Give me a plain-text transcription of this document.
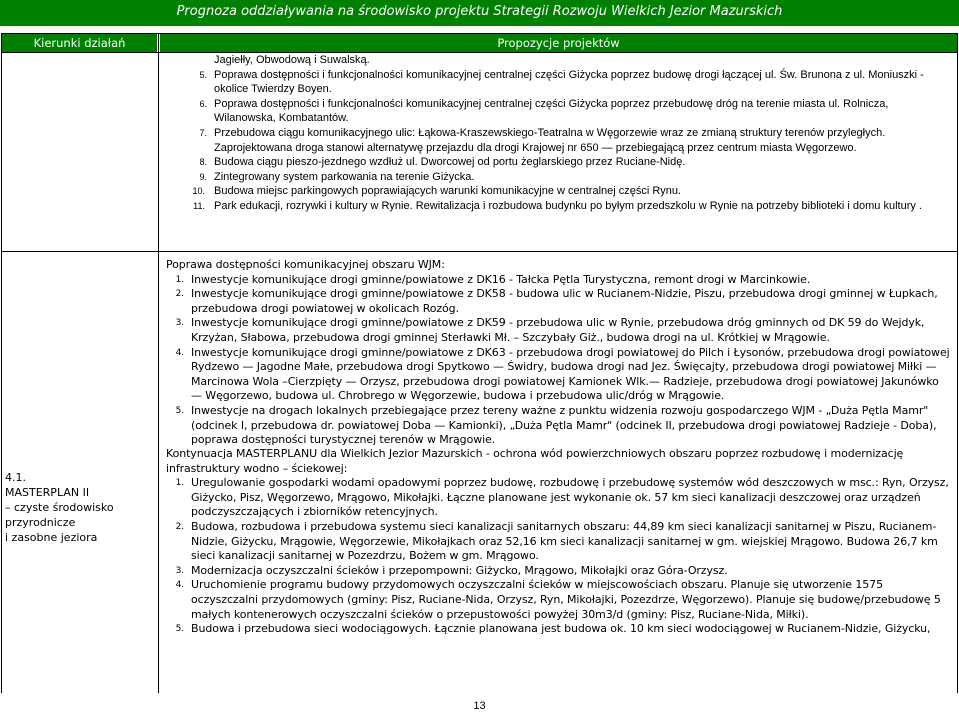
Prognoza oddziaływania na środowisko projektu Strategii Rozwoju Wielkich Jezior Mazurskich
Kierunki działań	Propozycje projektów

Jagiełły, Obwodową i Suwalską.

5. Poprawa dostępności i funkcjonalności komunikacyjnej centralnej części Giżycka poprzez budowę drogi łączącej ul. Św. Brunona z ul. Moniuszki - okolice Twierdzy Boyen.
6. Poprawa dostępności i funkcjonalności komunikacyjnej centralnej części Giżycka poprzez przebudowę dróg na terenie miasta ul. Rolnicza, Wilanowska, Kombatantów.
7. Przebudowa ciągu komunikacyjnego ulic: Łąkowa-Kraszewskiego-Teatralna w Węgorzewie wraz ze zmianą struktury terenów przyległych. Zaprojektowana droga stanowi alternatywę przejazdu dla drogi Krajowej nr 650 — przebiegającą przez centrum miasta Węgorzewo.
8. Budowa ciągu pieszo-jezdnego wzdłuż ul. Dworcowej od portu żeglarskiego przez Ruciane-Nidę.
9. Zintegrowany system parkowania na terenie Giżycka.
10. Budowa miejsc parkingowych poprawiających warunki komunikacyjne w centralnej części Rynu.
11. Park edukacji, rozrywki i kultury w Rynie. Rewitalizacja i rozbudowa budynku po byłym przedszkolu w Rynie na potrzeby biblioteki i domu kultury .

Poprawa dostępności komunikacyjnej obszaru WJM:

1. Inwestycje komunikujące drogi gminne/powiatowe z DK16 - Tałcka Pętla Turystyczna, remont drogi w Marcinkowie.
2. Inwestycje komunikujące drogi gminne/powiatowe z DK58 - budowa ulic w Rucianem-Nidzie, Piszu, przebudowa drogi gminnej w Łupkach, przebudowa drogi powiatowej w okolicach Rozóg.
3. Inwestycje komunikujące drogi gminne/powiatowe z DK59 - przebudowa ulic w Rynie, przebudowa dróg gminnych od DK 59 do Wejdyk, Krzyżan, Słabowa, przebudowa drogi gminnej Sterławki Mł. – Szczybały Giż., budowa drogi na ul. Krótkiej w Mrągowie.
4. Inwestycje komunikujące drogi gminne/powiatowe z DK63 - przebudowa drogi powiatowej do Pilch i Łysonów, przebudowa drogi powiatowej Rydzewo — Jagodne Małe, przebudowa drogi Spytkowo — Świdry, budowa drogi nad Jez. Święcajty, przebudowa drogi powiatowej Miłki — Marcinowa Wola –Cierzpięty — Orzysz, przebudowa drogi powiatowej Kamionek Wlk.— Radzieje, przebudowa drogi powiatowej Jakunówko — Węgorzewo, budowa ul. Chrobrego w Węgorzewie, budowa i przebudowa ulic/dróg w Mrągowie.
5. Inwestycje na drogach lokalnych przebiegające przez tereny ważne z punktu widzenia rozwoju gospodarczego WJM - „Duża Pętla Mamr" (odcinek I, przebudowa dr. powiatowej Doba — Kamionki), „Duża Pętla Mamr" (odcinek II, przebudowa drogi powiatowej Radzieje - Doba), poprawa dostępności turystycznej terenów w Mrągowie.

Kontynuacja MASTERPLANU dla Wielkich Jezior Mazurskich - ochrona wód powierzchniowych obszaru poprzez rozbudowę i modernizację infrastruktury wodno – ściekowej:

1. Uregulowanie gospodarki wodami opadowymi poprzez budowę, rozbudowę i przebudowę systemów wód deszczowych w msc.: Ryn, Orzysz, Giżycko, Pisz, Węgorzewo, Mrągowo, Mikołajki. Łączne planowane jest wykonanie ok. 57 km sieci kanalizacji deszczowej oraz urządzeń podczyszczających i zbiorników retencyjnych.
2. Budowa, rozbudowa i przebudowa systemu sieci kanalizacji sanitarnych obszaru: 44,89 km sieci kanalizacji sanitarnej w Piszu, Rucianem-Nidzie, Giżycku, Mrągowie, Węgorzewie, Mikołajkach oraz 52,16 km sieci kanalizacji sanitarnej w gm. wiejskiej Mrągowo. Budowa 26,7 km sieci kanalizacji sanitarnej w Pozezdrzu, Bożem w gm. Mrągowo.
3. Modernizacja oczyszczalni ścieków i przepompowni: Giżycko, Mrągowo, Mikołajki oraz Góra-Orzysz.
4. Uruchomienie programu budowy przydomowych oczyszczalni ścieków w miejscowościach obszaru. Planuje się utworzenie 1575 oczyszczalni przydomowych (gminy: Pisz, Ruciane-Nida, Orzysz, Ryn, Mikołajki, Pozezdrze, Węgorzewo). Planuje się budowę/przebudowę 5 małych kontenerowych oczyszczalni ścieków o przepustowości powyżej 30m3/d (gminy: Pisz, Ruciane-Nida, Miłki).
5. Budowa i przebudowa sieci wodociągowych. Łącznie planowana jest budowa ok. 10 km sieci wodociągowej w Rucianem-Nidzie, Giżycku,
4.1.
MASTERPLAN II
– czyste środowisko
przyrodnicze
i zasobne jeziora
13
